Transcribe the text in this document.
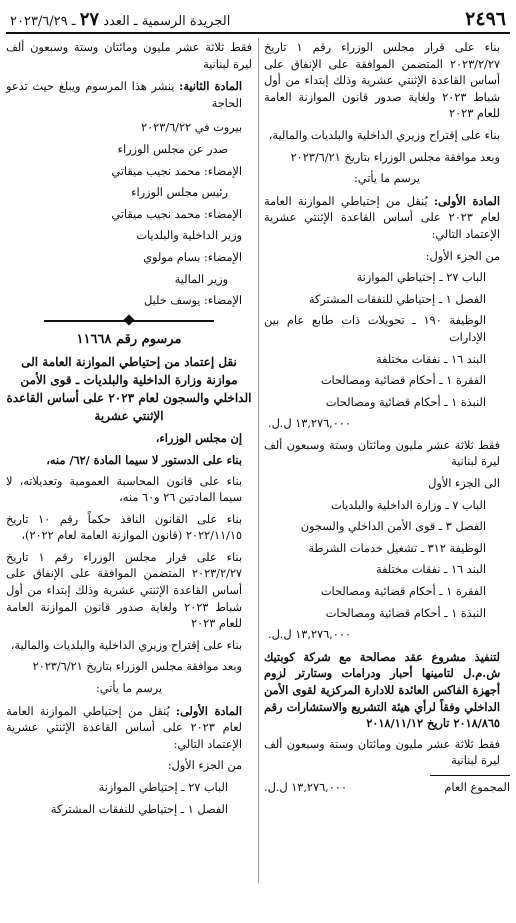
٢٤٩٦
الجريدة الرسمية ـ العدد ٢٧ ـ ٢٠٢٣/٦/٢٩

بناء على قرار مجلس الوزراء رقم ١ تاريخ ٢٠٢٣/٢/٢٧ المتضمن الموافقة على الإنفاق على أساس القاعدة الإثنتي عشرية وذلك إبتداء من أول شباط ٢٠٢٣ ولغاية صدور قانون الموازنة العامة للعام ٢٠٢٣

بناء على إقتراح وزيري الداخلية والبلديات والمالية،

وبعد موافقة مجلس الوزراء بتاريخ ٢٠٢٣/٦/٢١

يرسم ما يأتي:

المادة الأولى: يُنقل من إحتياطي الموازنة العامة لعام ٢٠٢٣ على أساس القاعدة الإثنتي عشرية الإعتماد التالي:

من الجزء الأول:

الباب ٢٧ ـ إحتياطي الموازنة

الفصل ١ ـ إحتياطي للنفقات المشتركة

الوظيفة ١٩٠ ـ تحويلات ذات طابع عام بين الإدارات

البند ١٦ ـ نفقات مختلفة

الفقرة ١ ـ أحكام قضائية ومصالحات

النبذة ١ ـ أحكام قضائية ومصالحات

١٣,٢٧٦,٠٠٠ ل.ل.

فقط ثلاثة عشر مليون ومائتان وستة وسبعون ألف ليرة لبنانية

الى الجزء الأول

الباب ٧ ـ وزارة الداخلية والبلديات

الفصل ٣ ـ قوى الأمن الداخلي والسجون

الوظيفة ٣١٢ ـ تشغيل خدمات الشرطة

البند ١٦ ـ نفقات مختلفة

الفقرة ١ ـ أحكام قضائية ومصالحات

النبذة ١ ـ أحكام قضائية ومصالحات

١٣,٢٧٦,٠٠٠ ل.ل.

لتنفيذ مشروع عقد مصالحة مع شركة كوبتيك ش.م.ل لتامينها أحبار ودرامات وستارتر لزوم أجهزة الفاكس العائدة للادارة المركزية لقوى الأمن الداخلي وفقاً لرأي هيئة التشريع والاستشارات رقم ٢٠١٨/٨٦٥ تاريخ ٢٠١٨/١١/١٢

فقط ثلاثة عشر مليون ومائتان وستة وسبعون ألف ليرة لبنانية

المجموع العام
١٣,٢٧٦,٠٠٠ ل.ل.

فقط ثلاثة عشر مليون ومائتان وستة وسبعون ألف ليرة لبنانية

المادة الثانية: ينشر هذا المرسوم ويبلغ حيث تدعو الحاجة

بيروت في ٢٠٢٣/٦/٢٢

صدر عن مجلس الوزراء

الإمضاء: محمد نجيب ميقاتي

رئيس مجلس الوزراء

الإمضاء: محمد نجيب ميقاتي

وزير الداخلية والبلديات

الإمضاء: بسام مولوي

وزير المالية

الإمضاء: يوسف خليل

مرسوم رقم ١١٦٦٨

نقل إعتماد من إحتياطي الموازنة العامة الى موازنة وزارة الداخلية والبلديات ـ قوى الأمن الداخلي والسجون لعام ٢٠٢٣ على أساس القاعدة الإثنتي عشرية

إن مجلس الوزراء،

بناء على الدستور لا سيما المادة /٦٢/ منه،

بناء على قانون المحاسبة العمومية وتعديلاته، لا سيما المادتين ٢٦ و٦٠ منه،

بناء على القانون النافذ حكماً رقم ١٠ تاريخ ٢٠٢٢/١١/١٥ (قانون الموازنة العامة لعام ٢٠٢٢)،

بناء على قرار مجلس الوزراء رقم ١ تاريخ ٢٠٢٣/٢/٢٧ المتضمن الموافقة على الإنفاق على أساس القاعدة الإثنتي عشرية وذلك إبتداء من أول شباط ٢٠٢٣ ولغاية صدور قانون الموازنة العامة للعام ٢٠٢٣

بناء على إقتراح وزيري الداخلية والبلديات والمالية،

وبعد موافقة مجلس الوزراء بتاريخ ٢٠٢٣/٦/٢١

يرسم ما يأتي:

المادة الأولى: يُنقل من إحتياطي الموازنة العامة لعام ٢٠٢٣ على أساس القاعدة الإثنتي عشرية الإعتماد التالي:

من الجزء الأول:

الباب ٢٧ ـ إحتياطي الموازنة

الفصل ١ ـ إحتياطي للنفقات المشتركة
